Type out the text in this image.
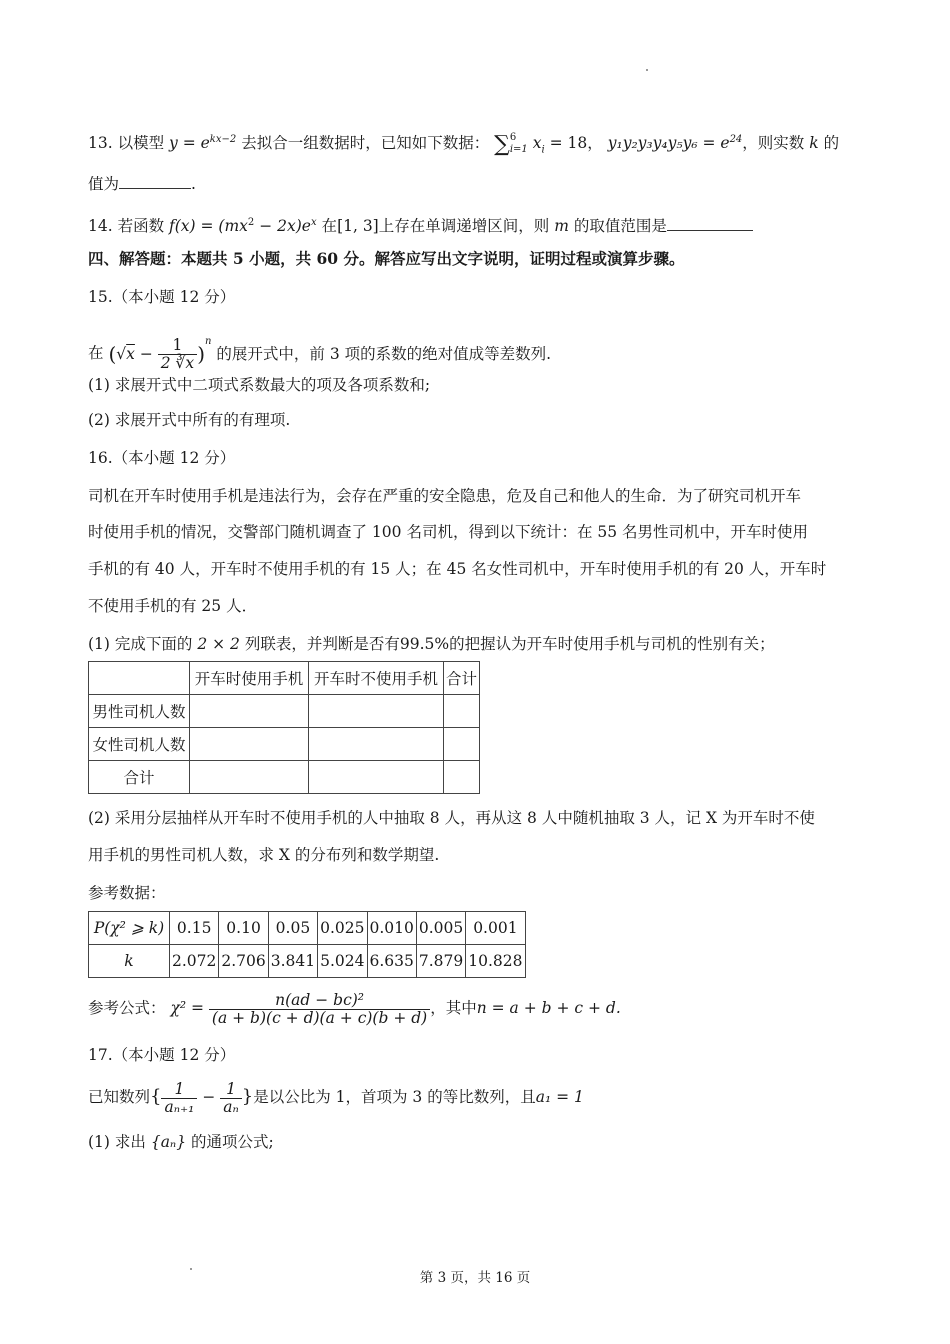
13. 以模型 $y = e^{kx-2}$ 去拟合一组数据时，已知如下数据： ∑ 6
i=1 $x_i = 18$， $y_1y_2y_3y_4y_5y_6 = e^{24}$，则实数 k 的
值为	.
14. 若函数 $f(x) = (mx^2 - 2x)e^x$ 在[1, 3]上存在单调递增区间，则 m 的取值范围是
四、解答题：本题共 5 小题，共 60 分。解答应写出文字说明，证明过程或演算步骤。
15.（本小题 12 分）
在 $(√x - \frac{1}{2 ∛x} )^n$ 的展开式中，前 3 项的系数的绝对值成等差数列.
(1) 求展开式中二项式系数最大的项及各项系数和;
(2) 求展开式中所有的有理项.
16.（本小题 12 分）
司机在开车时使用手机是违法行为，会存在严重的安全隐患，危及自己和他人的生命．为了研究司机开车
时使用手机的情况，交警部门随机调查了 100 名司机，得到以下统计：在 55 名男性司机中，开车时使用
手机的有 40 人，开车时不使用手机的有 15 人；在 45 名女性司机中，开车时使用手机的有 20 人，开车时
不使用手机的有 25 人．
(1) 完成下面的 2 × 2 列联表，并判断是否有99.5%的把握认为开车时使用手机与司机的性别有关；
	开车时使用手机	开车时不使用手机	合计
男性司机人数			
女性司机人数			
合计			
(2) 采用分层抽样从开车时不使用手机的人中抽取 8 人，再从这 8 人中随机抽取 3 人，记 X 为开车时不使
用手机的男性司机人数，求 X 的分布列和数学期望.
参考数据：
P(χ² ⩾ k)	0.15	0.10	0.05	0.025	0.010	0.005	0.001
k	2.072	2.706	3.841	5.024	6.635	7.879	10.828
参考公式： $\chi^2 = \frac{\text{n(ad − bc)²}}{(a + b)(c + d)(a + c)(b + d)}$ ，其中n = a + b + c + d.
17.（本小题 12 分）
已知数列{ $\frac{1}{\text{aₙ₊₁}} - \frac{1}{\text{aₙ}}$ }是以公比为 1，首项为 3 的等比数列，且a₁ = 1
(1) 求出 {aₙ} 的通项公式;
第 3 页，共 16 页
